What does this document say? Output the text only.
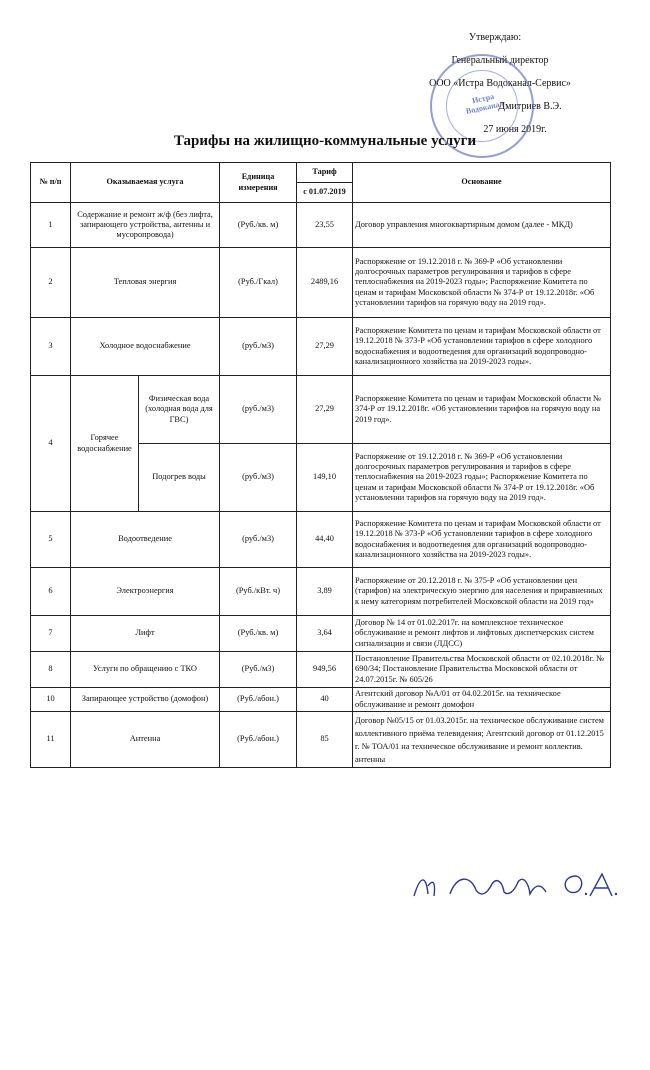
Утверждаю:
Генеральный директор
ООО «Истра Водоканал-Сервис»
Дмитриев В.Э.
27 июня 2019г.
Истра Водоканал
Тарифы на жилищно-коммунальные услуги
№ п/п	Оказываемая услуга		Единица измерения	Тариф	Основание
				с 01.07.2019	
1	Содержание и ремонт ж/ф (без лифта, запирающего устройства, антенны и мусоропровода)		(Руб./кв. м)	23,55	Договор управления многоквартирным домом (далее - МКД)
2	Тепловая энергия		(Руб./Гкал)	2489,16	Распоряжение от 19.12.2018 г. № 369-Р «Об установлении долгосрочных параметров регулирования и тарифов в сфере теплоснабжения на 2019-2023 годы»; Распоряжение Комитета по ценам и тарифам Московской области № 374-Р от 19.12.2018г. «Об установлении тарифов на горячую воду на 2019 год».
3	Холодное водоснабжение		(руб./м3)	27,29	Распоряжение Комитета по ценам и тарифам Московской области от 19.12.2018 № 373-Р «Об установлении тарифов в сфере холодного водоснабжения и водоотведения для организаций водопроводно-канализационного хозяйства на 2019-2023 годы».
4	Горячее водоснабжение	Физическая вода (холодная вода для ГВС)	(руб./м3)	27,29	Распоряжение Комитета по ценам и тарифам Московской области № 374-Р от 19.12.2018г. «Об установлении тарифов на горячую воду на 2019 год».
		Подогрев воды	(руб./м3)	149,10	Распоряжение от 19.12.2018 г. № 369-Р «Об установлении долгосрочных параметров регулирования и тарифов в сфере теплоснабжения на 2019-2023 годы»; Распоряжение Комитета по ценам и тарифам Московской области № 374-Р от 19.12.2018г. «Об установлении тарифов на горячую воду на 2019 год».
5	Водоотведение		(руб./м3)	44,40	Распоряжение Комитета по ценам и тарифам Московской области от 19.12.2018 № 373-Р «Об установлении тарифов в сфере холодного водоснабжения и водоотведения для организаций водопроводно-канализационного хозяйства на 2019-2023 годы».
6	Электроэнергия		(Руб./кВт. ч)	3,89	Распоряжение от 20.12.2018 г. № 375-Р «Об установлении цен (тарифов) на электрическую энергию для населения и приравненных к нему категориям потребителей Московской области на 2019 год»
7	Лифт		(Руб./кв. м)	3,64	Договор № 14 от 01.02.2017г. на комплексное техническое обслуживание и ремонт лифтов и лифтовых диспетчерских систем сигнализации и связи (ЛДСС)
8	Услуги по обращению с ТКО		(Руб./м3)	949,56	Постановление Правительства Московской области от 02.10.2018г. № 690/34; Постановление Правительства Московской области от 24.07.2015г. № 605/26
10	Запирающее устройство (домофон)		(Руб./абон.)	40	Агентский договор №А/01 от 04.02.2015г. на техническое обслуживание и ремонт домофон
11	Антенна		(Руб./абон.)	85	Договор №05/15 от 01.03.2015г. на техническое обслуживание систем коллективного приёма телевидения; Агентский договор от 01.12.2015 г. № ТОА/01 на техническое обслуживание и ремонт коллектив. антенны
